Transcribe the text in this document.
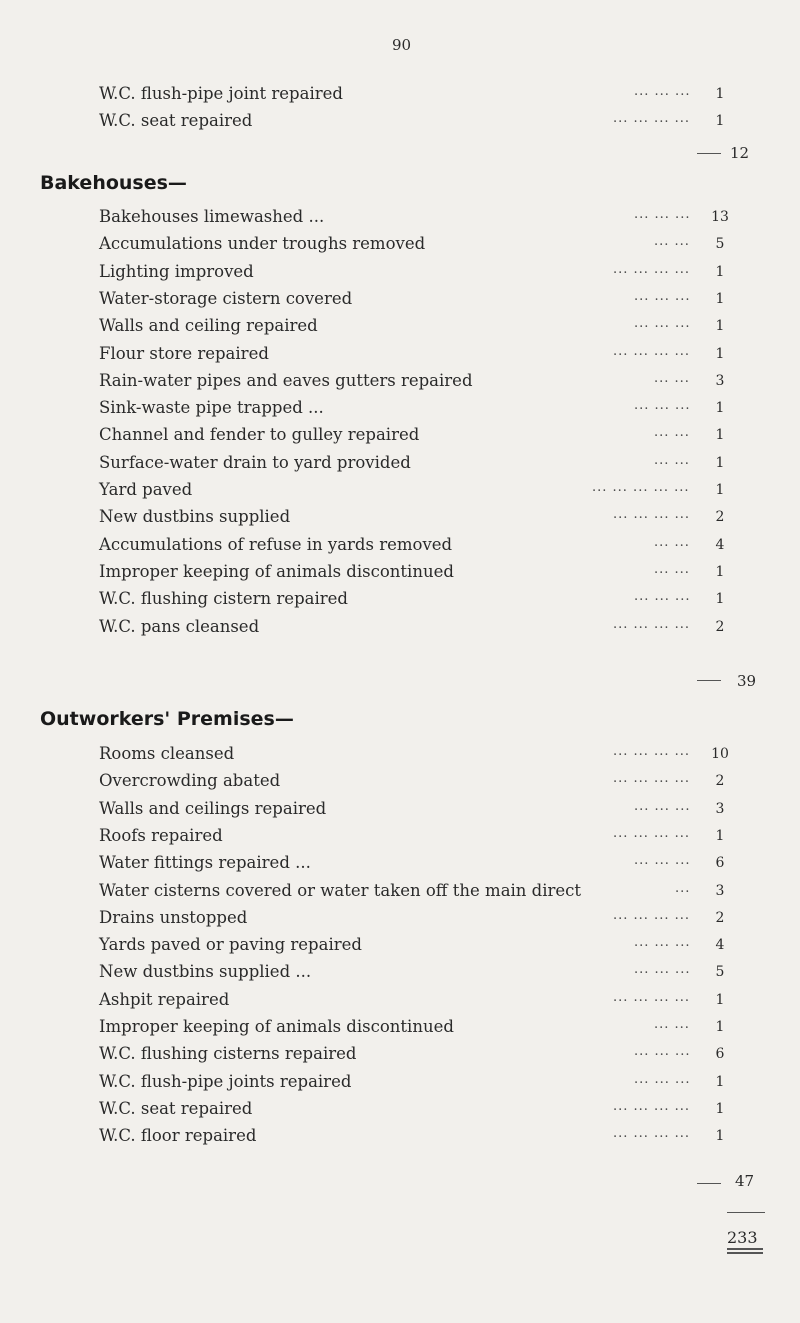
90
W.C. flush-pipe joint repaired	... ... ...	1
W.C. seat repaired	... ... ... ...	1
12
Bakehouses—
Bakehouses limewashed ...	... ... ...	13
Accumulations under troughs removed	... ...	5
Lighting improved	... ... ... ...	1
Water-storage cistern covered	... ... ...	1
Walls and ceiling repaired	... ... ...	1
Flour store repaired	... ... ... ...	1
Rain-water pipes and eaves gutters repaired	... ...	3
Sink-waste pipe trapped ...	... ... ...	1
Channel and fender to gulley repaired	... ...	1
Surface-water drain to yard provided	... ...	1
Yard paved	... ... ... ... ...	1
New dustbins supplied	... ... ... ...	2
Accumulations of refuse in yards removed	... ...	4
Improper keeping of animals discontinued	... ...	1
W.C. flushing cistern repaired	... ... ...	1
W.C. pans cleansed	... ... ... ...	2
39
Outworkers' Premises—
Rooms cleansed	... ... ... ...	10
Overcrowding abated	... ... ... ...	2
Walls and ceilings repaired	... ... ...	3
Roofs repaired	... ... ... ...	1
Water fittings repaired ...	... ... ...	6
Water cisterns covered or water taken off the main direct	...	3
Drains unstopped	... ... ... ...	2
Yards paved or paving repaired	... ... ...	4
New dustbins supplied ...	... ... ...	5
Ashpit repaired	... ... ... ...	1
Improper keeping of animals discontinued	... ...	1
W.C. flushing cisterns repaired	... ... ...	6
W.C. flush-pipe joints repaired	... ... ...	1
W.C. seat repaired	... ... ... ...	1
W.C. floor repaired	... ... ... ...	1
47
233
